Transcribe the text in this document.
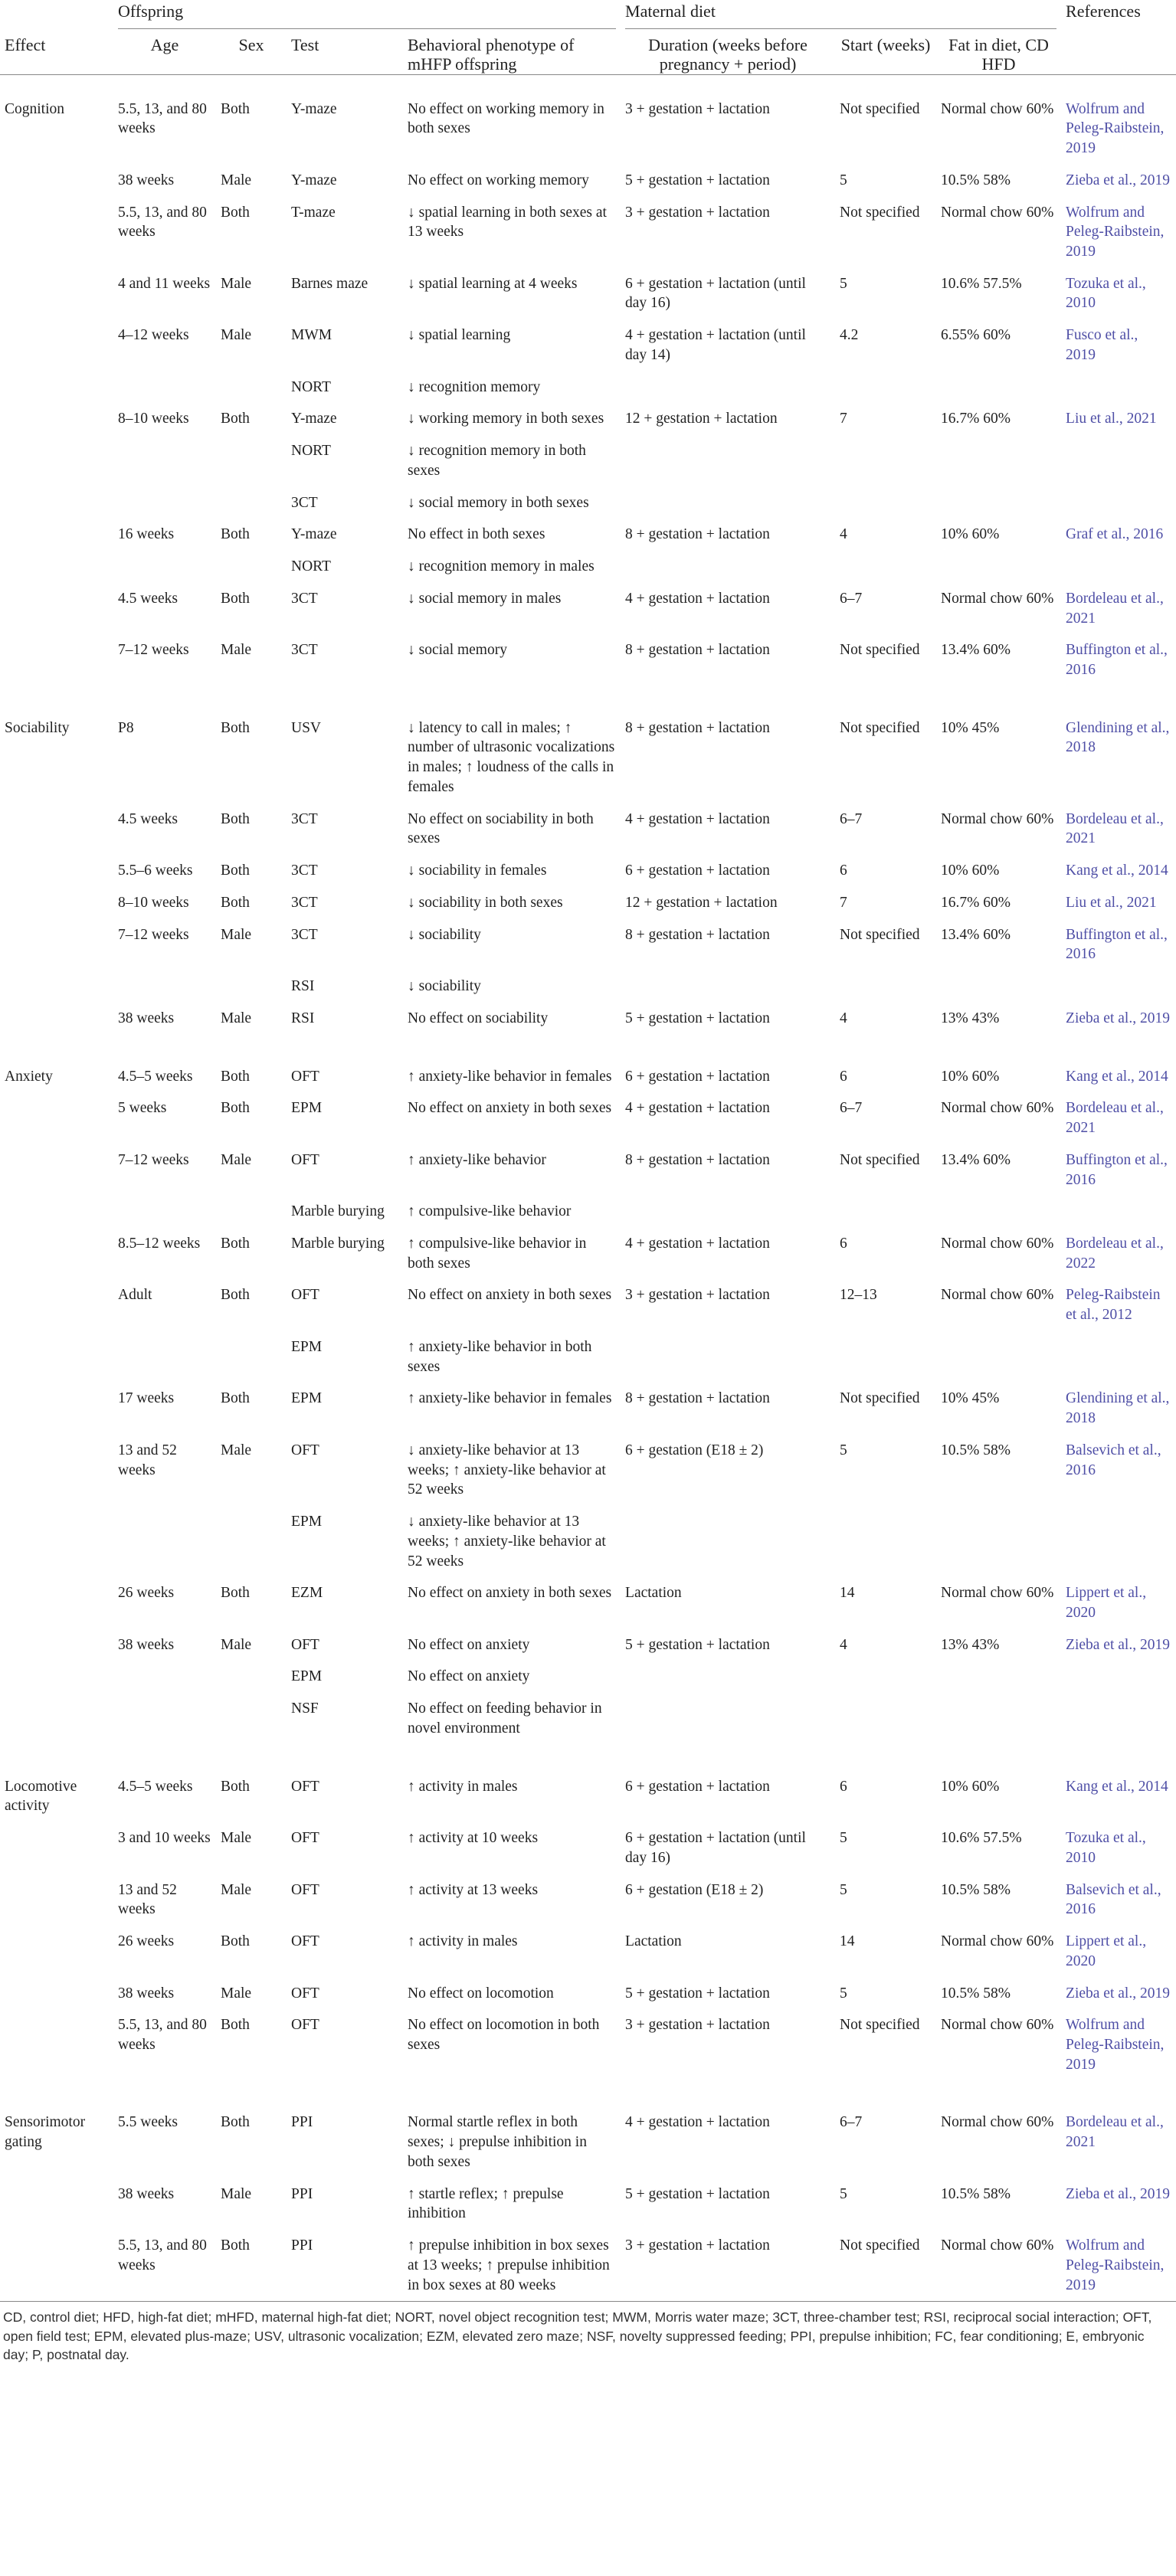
	Offspring				Maternal diet			References
Effect	Age	Sex	Test	Behavioral phenotype of mHFP offspring	Duration (weeks before pregnancy + period)	Start (weeks)	Fat in diet, CD HFD	
Cognition	5.5, 13, and 80 weeks	Both	Y-maze	No effect on working memory in both sexes	3 + gestation + lactation	Not specified	Normal chow 60%	Wolfrum and Peleg-Raibstein, 2019
	38 weeks	Male	Y-maze	No effect on working memory	5 + gestation + lactation	5	10.5% 58%	Zieba et al., 2019
	5.5, 13, and 80 weeks	Both	T-maze	↓ spatial learning in both sexes at 13 weeks	3 + gestation + lactation	Not specified	Normal chow 60%	Wolfrum and Peleg-Raibstein, 2019
	4 and 11 weeks	Male	Barnes maze	↓ spatial learning at 4 weeks	6 + gestation + lactation (until day 16)	5	10.6% 57.5%	Tozuka et al., 2010
	4–12 weeks	Male	MWM	↓ spatial learning	4 + gestation + lactation (until day 14)	4.2	6.55% 60%	Fusco et al., 2019
			NORT	↓ recognition memory				
	8–10 weeks	Both	Y-maze	↓ working memory in both sexes	12 + gestation + lactation	7	16.7% 60%	Liu et al., 2021
			NORT	↓ recognition memory in both sexes				
			3CT	↓ social memory in both sexes				
	16 weeks	Both	Y-maze	No effect in both sexes	8 + gestation + lactation	4	10% 60%	Graf et al., 2016
			NORT	↓ recognition memory in males				
	4.5 weeks	Both	3CT	↓ social memory in males	4 + gestation + lactation	6–7	Normal chow 60%	Bordeleau et al., 2021
	7–12 weeks	Male	3CT	↓ social memory	8 + gestation + lactation	Not specified	13.4% 60%	Buffington et al., 2016
Sociability	P8	Both	USV	↓ latency to call in males; ↑ number of ultrasonic vocalizations in males; ↑ loudness of the calls in females	8 + gestation + lactation	Not specified	10% 45%	Glendining et al., 2018
	4.5 weeks	Both	3CT	No effect on sociability in both sexes	4 + gestation + lactation	6–7	Normal chow 60%	Bordeleau et al., 2021
	5.5–6 weeks	Both	3CT	↓ sociability in females	6 + gestation + lactation	6	10% 60%	Kang et al., 2014
	8–10 weeks	Both	3CT	↓ sociability in both sexes	12 + gestation + lactation	7	16.7% 60%	Liu et al., 2021
	7–12 weeks	Male	3CT	↓ sociability	8 + gestation + lactation	Not specified	13.4% 60%	Buffington et al., 2016
			RSI	↓ sociability				
	38 weeks	Male	RSI	No effect on sociability	5 + gestation + lactation	4	13% 43%	Zieba et al., 2019
Anxiety	4.5–5 weeks	Both	OFT	↑ anxiety-like behavior in females	6 + gestation + lactation	6	10% 60%	Kang et al., 2014
	5 weeks	Both	EPM	No effect on anxiety in both sexes	4 + gestation + lactation	6–7	Normal chow 60%	Bordeleau et al., 2021
	7–12 weeks	Male	OFT	↑ anxiety-like behavior	8 + gestation + lactation	Not specified	13.4% 60%	Buffington et al., 2016
			Marble burying	↑ compulsive-like behavior				
	8.5–12 weeks	Both	Marble burying	↑ compulsive-like behavior in both sexes	4 + gestation + lactation	6	Normal chow 60%	Bordeleau et al., 2022
	Adult	Both	OFT	No effect on anxiety in both sexes	3 + gestation + lactation	12–13	Normal chow 60%	Peleg-Raibstein et al., 2012
			EPM	↑ anxiety-like behavior in both sexes				
	17 weeks	Both	EPM	↑ anxiety-like behavior in females	8 + gestation + lactation	Not specified	10% 45%	Glendining et al., 2018
	13 and 52 weeks	Male	OFT	↓ anxiety-like behavior at 13 weeks; ↑ anxiety-like behavior at 52 weeks	6 + gestation (E18 ± 2)	5	10.5% 58%	Balsevich et al., 2016
			EPM	↓ anxiety-like behavior at 13 weeks; ↑ anxiety-like behavior at 52 weeks				
	26 weeks	Both	EZM	No effect on anxiety in both sexes	Lactation	14	Normal chow 60%	Lippert et al., 2020
	38 weeks	Male	OFT	No effect on anxiety	5 + gestation + lactation	4	13% 43%	Zieba et al., 2019
			EPM	No effect on anxiety				
			NSF	No effect on feeding behavior in novel environment				
Locomotive activity	4.5–5 weeks	Both	OFT	↑ activity in males	6 + gestation + lactation	6	10% 60%	Kang et al., 2014
	3 and 10 weeks	Male	OFT	↑ activity at 10 weeks	6 + gestation + lactation (until day 16)	5	10.6% 57.5%	Tozuka et al., 2010
	13 and 52 weeks	Male	OFT	↑ activity at 13 weeks	6 + gestation (E18 ± 2)	5	10.5% 58%	Balsevich et al., 2016
	26 weeks	Both	OFT	↑ activity in males	Lactation	14	Normal chow 60%	Lippert et al., 2020
	38 weeks	Male	OFT	No effect on locomotion	5 + gestation + lactation	5	10.5% 58%	Zieba et al., 2019
	5.5, 13, and 80 weeks	Both	OFT	No effect on locomotion in both sexes	3 + gestation + lactation	Not specified	Normal chow 60%	Wolfrum and Peleg-Raibstein, 2019
Sensorimotor gating	5.5 weeks	Both	PPI	Normal startle reflex in both sexes; ↓ prepulse inhibition in both sexes	4 + gestation + lactation	6–7	Normal chow 60%	Bordeleau et al., 2021
	38 weeks	Male	PPI	↑ startle reflex; ↑ prepulse inhibition	5 + gestation + lactation	5	10.5% 58%	Zieba et al., 2019
	5.5, 13, and 80 weeks	Both	PPI	↑ prepulse inhibition in box sexes at 13 weeks; ↑ prepulse inhibition in box sexes at 80 weeks	3 + gestation + lactation	Not specified	Normal chow 60%	Wolfrum and Peleg-Raibstein, 2019
CD, control diet; HFD, high-fat diet; mHFD, maternal high-fat diet; NORT, novel object recognition test; MWM, Morris water maze; 3CT, three-chamber test; RSI, reciprocal social interaction; OFT, open field test; EPM, elevated plus-maze; USV, ultrasonic vocalization; EZM, elevated zero maze; NSF, novelty suppressed feeding; PPI, prepulse inhibition; FC, fear conditioning; E, embryonic day; P, postnatal day.
